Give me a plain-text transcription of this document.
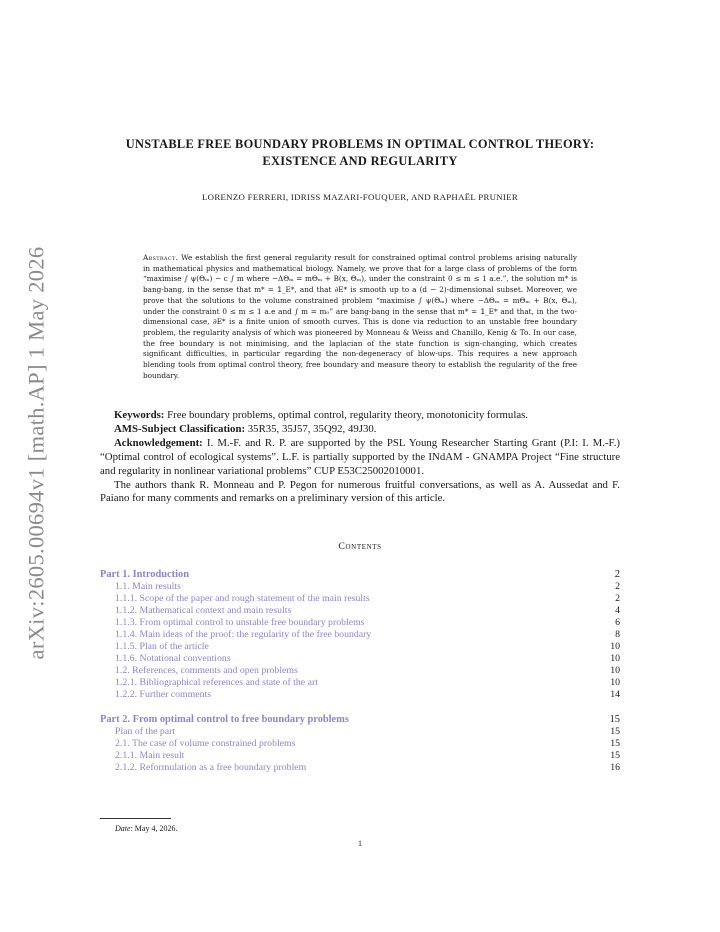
arXiv:2605.00694v1 [math.AP] 1 May 2026
UNSTABLE FREE BOUNDARY PROBLEMS IN OPTIMAL CONTROL THEORY:
EXISTENCE AND REGULARITY
LORENZO FERRERI, IDRISS MAZARI-FOUQUER, AND RAPHAËL PRUNIER
Abstract. We establish the first general regularity result for constrained optimal control problems arising naturally in mathematical physics and mathematical biology. Namely, we prove that for a large class of problems of the form “maximise ∫ ψ(Θₘ) − c ∫ m where −ΔΘₘ = mΘₘ + B(x, Θₘ), under the constraint 0 ≤ m ≤ 1 a.e.”, the solution m* is bang-bang, in the sense that m* = 𝟙_E*, and that ∂E* is smooth up to a (d − 2)-dimensional subset. Moreover, we prove that the solutions to the volume constrained problem “maximise ∫ ψ(Θₘ) where −ΔΘₘ = mΘₘ + B(x, Θₘ), under the constraint 0 ≤ m ≤ 1 a.e and ∫ m = m₀” are bang-bang in the sense that m* = 𝟙_E* and that, in the two-dimensional case, ∂E* is a finite union of smooth curves. This is done via reduction to an unstable free boundary problem, the regularity analysis of which was pioneered by Monneau & Weiss and Chanillo, Kenig & To. In our case, the free boundary is not minimising, and the laplacian of the state function is sign-changing, which creates significant difficulties, in particular regarding the non-degeneracy of blow-ups. This requires a new approach blending tools from optimal control theory, free boundary and measure theory to establish the regularity of the free boundary.

Keywords: Free boundary problems, optimal control, regularity theory, monotonicity formulas.

AMS-Subject Classification: 35R35, 35J57, 35Q92, 49J30.

Acknowledgement: I. M.-F. and R. P. are supported by the PSL Young Researcher Starting Grant (P.I: I. M.-F.) “Optimal control of ecological systems”. L.F. is partially supported by the INdAM - GNAMPA Project “Fine structure and regularity in nonlinear variational problems” CUP E53C25002010001.

The authors thank R. Monneau and P. Pegon for numerous fruitful conversations, as well as A. Aussedat and F. Paiano for many comments and remarks on a preliminary version of this article.

Contents
Part 1. Introduction	2
1.1. Main results	2
1.1.1. Scope of the paper and rough statement of the main results	2
1.1.2. Mathematical context and main results	4
1.1.3. From optimal control to unstable free boundary problems	6
1.1.4. Main ideas of the proof: the regularity of the free boundary	8
1.1.5. Plan of the article	10
1.1.6. Notational conventions	10
1.2. References, comments and open problems	10
1.2.1. Bibliographical references and state of the art	10
1.2.2. Further comments	14
Part 2. From optimal control to free boundary problems	15
Plan of the part	15
2.1. The case of volume constrained problems	15
2.1.1. Main result	15
2.1.2. Reformulation as a free boundary problem	16
Date: May 4, 2026.
1
